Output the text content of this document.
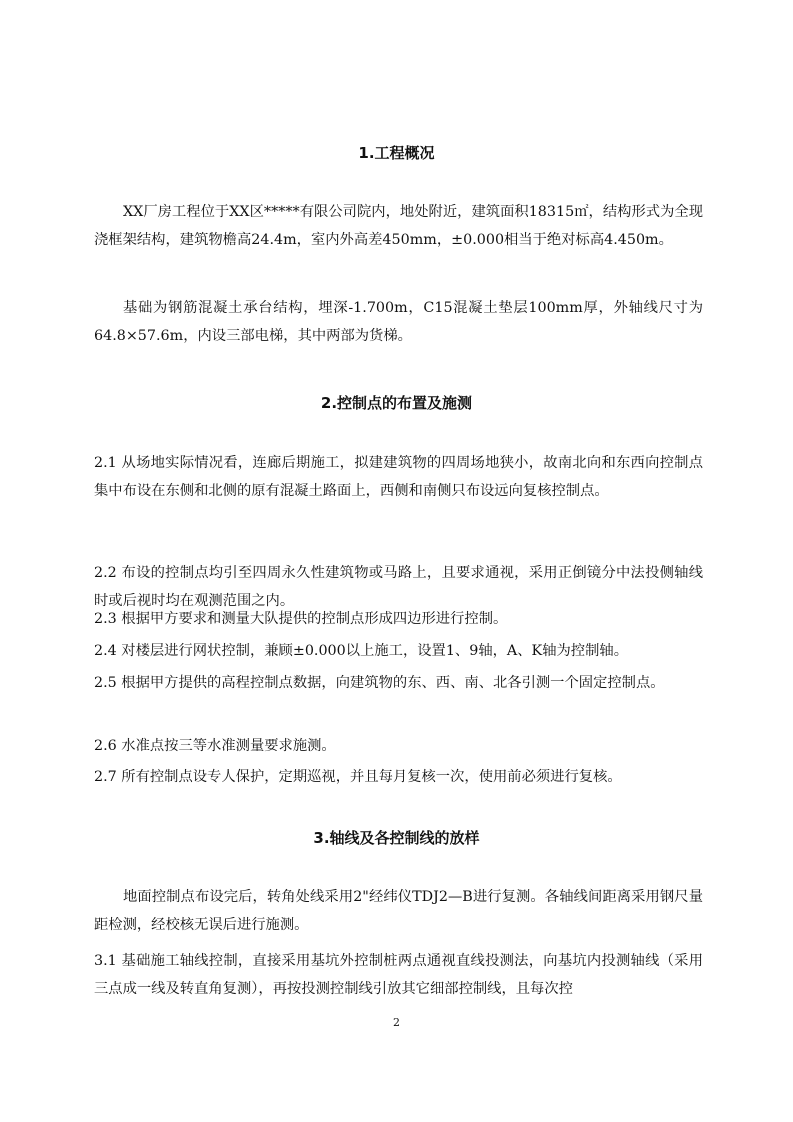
1.工程概况
XX厂房工程位于XX区*****有限公司院内，地处附近，建筑面积18315㎡，结构形式为全现浇框架结构，建筑物檐高24.4m，室内外高差450mm，±0.000相当于绝对标高4.450m。
基础为钢筋混凝土承台结构，埋深-1.700m，C15混凝土垫层100mm厚，外轴线尺寸为64.8×57.6m，内设三部电梯，其中两部为货梯。
2.控制点的布置及施测
2.1 从场地实际情况看，连廊后期施工，拟建建筑物的四周场地狭小，故南北向和东西向控制点集中布设在东侧和北侧的原有混凝土路面上，西侧和南侧只布设远向复核控制点。
2.2 布设的控制点均引至四周永久性建筑物或马路上，且要求通视，采用正倒镜分中法投侧轴线时或后视时均在观测范围之内。
2.3 根据甲方要求和测量大队提供的控制点形成四边形进行控制。
2.4 对楼层进行网状控制，兼顾±0.000以上施工，设置1、9轴，A、K轴为控制轴。
2.5 根据甲方提供的高程控制点数据，向建筑物的东、西、南、北各引测一个固定控制点。
2.6 水准点按三等水准测量要求施测。
2.7 所有控制点设专人保护，定期巡视，并且每月复核一次，使用前必须进行复核。
3.轴线及各控制线的放样
地面控制点布设完后，转角处线采用2"经纬仪TDJ2—B进行复测。各轴线间距离采用钢尺量距检测，经校核无误后进行施测。
3.1 基础施工轴线控制，直接采用基坑外控制桩两点通视直线投测法，向基坑内投测轴线（采用三点成一线及转直角复测），再按投测控制线引放其它细部控制线，且每次控
2
